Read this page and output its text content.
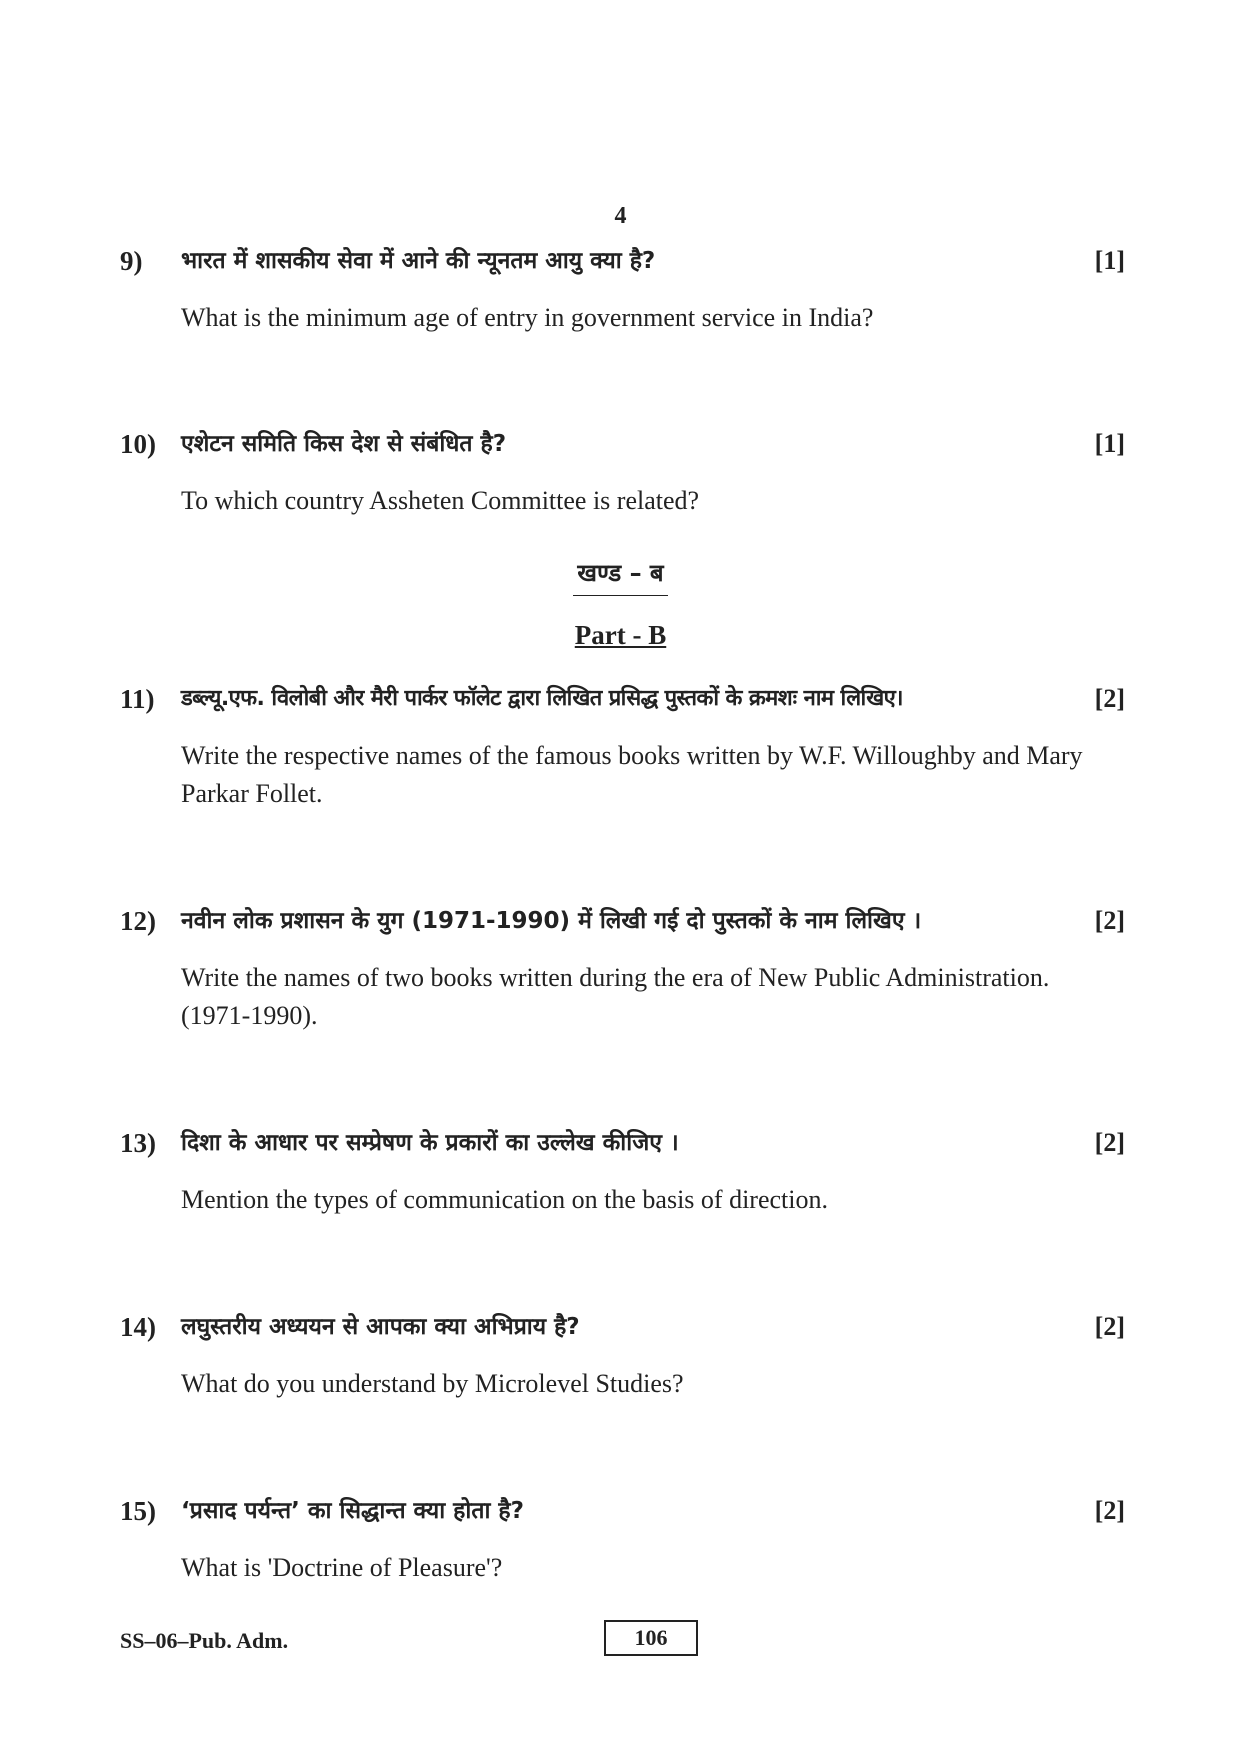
4
9) भारत में शासकीय सेवा में आने की न्यूनतम आयु क्या है?	[1]
What is the minimum age of entry in government service in India?
10) एशेटन समिति किस देश से संबंधित है?	[1]
To which country Assheten Committee is related?
खण्ड – ब
Part - B
11) डब्ल्यू.एफ. विलोबी और मैरी पार्कर फॉलेट द्वारा लिखित प्रसिद्ध पुस्तकों के क्रमशः नाम लिखिए।	[2]
Write the respective names of the famous books written by W.F. Willoughby and Mary Parkar Follet.
12) नवीन लोक प्रशासन के युग (1971-1990) में लिखी गई दो पुस्तकों के नाम लिखिए ।	[2]
Write the names of two books written during the era of New Public Administration. (1971-1990).
13) दिशा के आधार पर सम्प्रेषण के प्रकारों का उल्लेख कीजिए ।	[2]
Mention the types of communication on the basis of direction.
14) लघुस्तरीय अध्ययन से आपका क्या अभिप्राय है?	[2]
What do you understand by Microlevel Studies?
15) ‘प्रसाद पर्यन्त’ का सिद्धान्त क्या होता है?	[2]
What is 'Doctrine of Pleasure'?
SS–06–Pub. Adm.	106
